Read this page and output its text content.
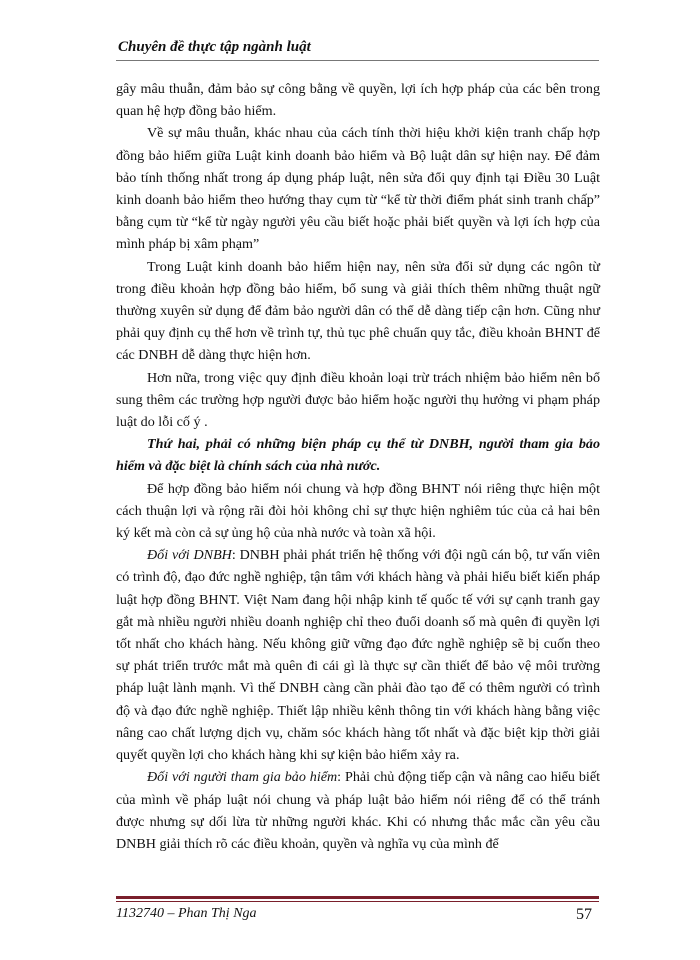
Chuyên đề thực tập ngành luật

gây mâu thuẫn, đảm bảo sự công bằng về quyền, lợi ích hợp pháp của các bên trong quan hệ hợp đồng bảo hiểm.

Về sự mâu thuẫn, khác nhau của cách tính thời hiệu khởi kiện tranh chấp hợp đồng bảo hiểm giữa Luật kinh doanh bảo hiểm và Bộ luật dân sự hiện nay. Để đảm bảo tính thống nhất trong áp dụng pháp luật, nên sửa đổi quy định tại Điều 30 Luật kinh doanh bảo hiểm theo hướng thay cụm từ “kể từ thời điểm phát sinh tranh chấp” bằng cụm từ “kể từ ngày người yêu cầu biết hoặc phải biết quyền và lợi ích hợp của mình pháp bị xâm phạm”

Trong Luật kinh doanh bảo hiểm hiện nay, nên sửa đổi sử dụng các ngôn từ trong điều khoản hợp đồng bảo hiểm, bổ sung và giải thích thêm những thuật ngữ thường xuyên sử dụng để đảm bảo người dân có thể dễ dàng tiếp cận hơn. Cũng như phải quy định cụ thể hơn về trình tự, thủ tục phê chuẩn quy tắc, điều khoản BHNT để các DNBH dễ dàng thực hiện hơn.

Hơn nữa, trong việc quy định điều khoản loại trừ trách nhiệm bảo hiểm nên bổ sung thêm các trường hợp người được bảo hiểm hoặc người thụ hưởng vi phạm pháp luật do lỗi cố ý .

Thứ hai, phải có những biện pháp cụ thể từ DNBH, người tham gia bảo hiểm và đặc biệt là chính sách của nhà nước.

Để hợp đồng bảo hiểm nói chung và hợp đồng BHNT nói riêng thực hiện một cách thuận lợi và rộng rãi đòi hỏi không chỉ sự thực hiện nghiêm túc của cả hai bên ký kết mà còn cả sự ủng hộ của nhà nước và toàn xã hội.

Đối với DNBH: DNBH phải phát triển hệ thống với đội ngũ cán bộ, tư vấn viên có trình độ, đạo đức nghề nghiệp, tận tâm với khách hàng và phải hiểu biết kiến pháp luật hợp đồng BHNT. Việt Nam đang hội nhập kinh tế quốc tế với sự cạnh tranh gay gắt mà nhiều người nhiều doanh nghiệp chỉ theo đuổi doanh số mà quên đi quyền lợi tốt nhất cho khách hàng. Nếu không giữ vững đạo đức nghề nghiệp sẽ bị cuốn theo sự phát triển trước mắt mà quên đi cái gì là thực sự cần thiết để bảo vệ môi trường pháp luật lành mạnh. Vì thế DNBH càng cần phải đào tạo để có thêm người có trình độ và đạo đức nghề nghiệp. Thiết lập nhiều kênh thông tin với khách hàng bằng việc nâng cao chất lượng dịch vụ, chăm sóc khách hàng tốt nhất và đặc biệt kịp thời giải quyết quyền lợi cho khách hàng khi sự kiện bảo hiểm xảy ra.

Đối với người tham gia bảo hiểm: Phải chủ động tiếp cận và nâng cao hiểu biết của mình về pháp luật nói chung và pháp luật bảo hiểm nói riêng để có thể tránh được nhưng sự dối lừa từ những người khác. Khi có nhưng thắc mắc cần yêu cầu DNBH giải thích rõ các điều khoản, quyền và nghĩa vụ của mình để

1132740 – Phan Thị Nga	57
